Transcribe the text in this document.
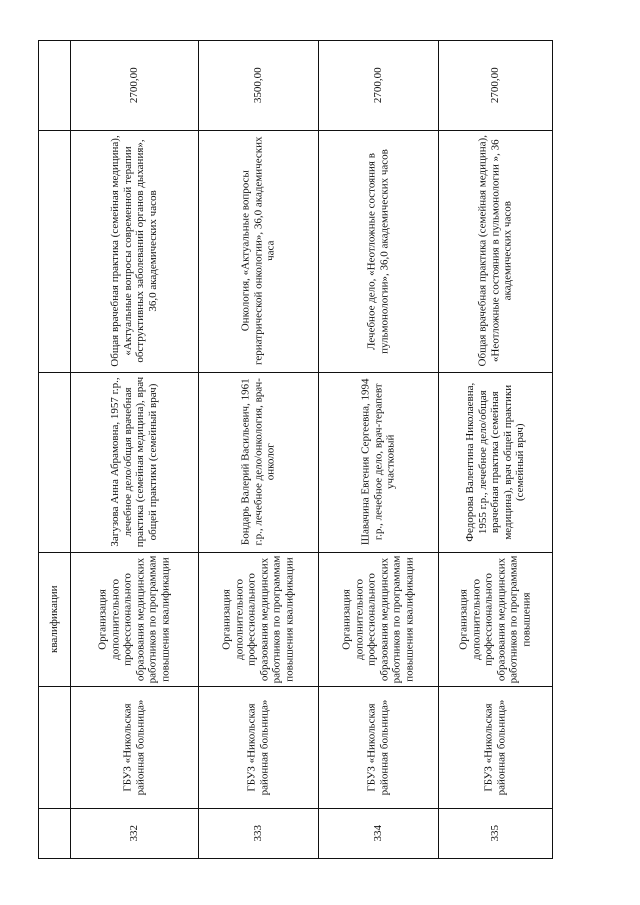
квалификации
2700,00
Общая врачебная практика (семейная медицина), «Актуальные вопросы современной терапии обструктивных заболеваний органов дыхания», 36,0 академических часов
Загузова Анна Абрамовна, 1957 г.р., лечебное дело/общая врачебная практика (семейная медицина), врач общей практики (семейный врач)
Организация дополнительного профессионального образования медицинских работников по программам повышения квалификации
ГБУЗ «Никольская районная больница»
332
3500,00
Онкология, «Актуальные вопросы гериатрической онкологии», 36,0 академических часа
Бондарь Валерий Васильевич, 1961 г.р., лечебное дело/онкология, врач-онколог
Организация дополнительного профессионального образования медицинских работников по программам повышения квалификации
ГБУЗ «Никольская районная больница»
333
2700,00
Лечебное дело, «Неотложные состояния в пульмонологии», 36,0 академических часов
Шавачина Евгения Сергеевна, 1994 г.р., лечебное дело, врач-терапевт участковый
Организация дополнительного профессионального образования медицинских работников по программам повышения квалификации
ГБУЗ «Никольская районная больница»
334
2700,00
Общая врачебная практика (семейная медицина), «Неотложные состояния в пульмонологии », 36 академических часов
Федорова Валентина Николаевна, 1955 г.р., лечебное дело/общая врачебная практика (семейная медицина), врач общей практики (семейный врач)
Организация дополнительного профессионального образования медицинских работников по программам повышения
ГБУЗ «Никольская районная больница»
335
